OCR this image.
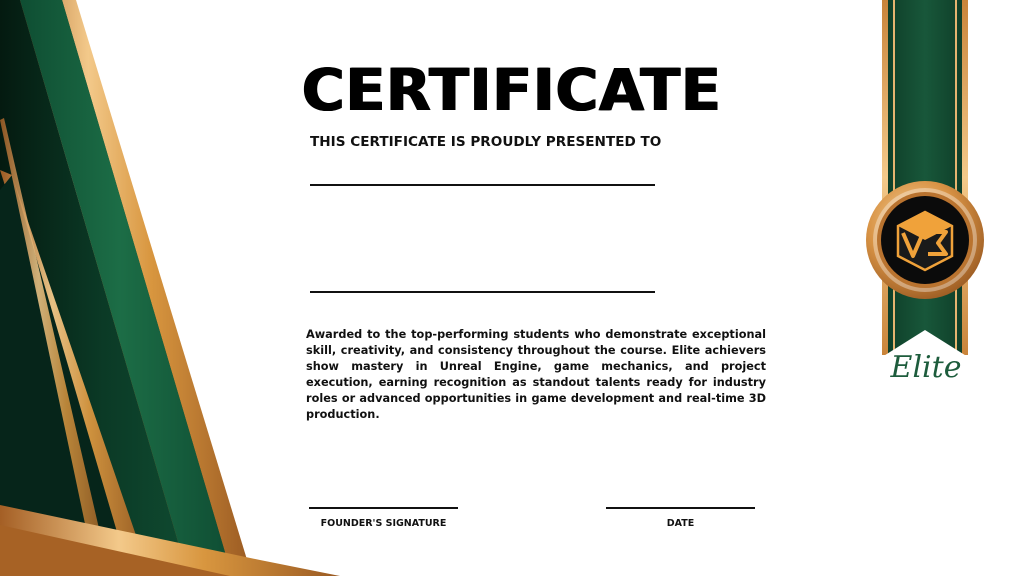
CERTIFICATE

THIS CERTIFICATE IS PROUDLY PRESENTED TO

Awarded to the top-performing students who demonstrate exceptional skill, creativity, and consistency throughout the course. Elite achievers show mastery in Unreal Engine, game mechanics, and project execution, earning recognition as standout talents ready for industry roles or advanced opportunities in game development and real-time 3D production.

FOUNDER'S SIGNATURE	DATE

Elite
